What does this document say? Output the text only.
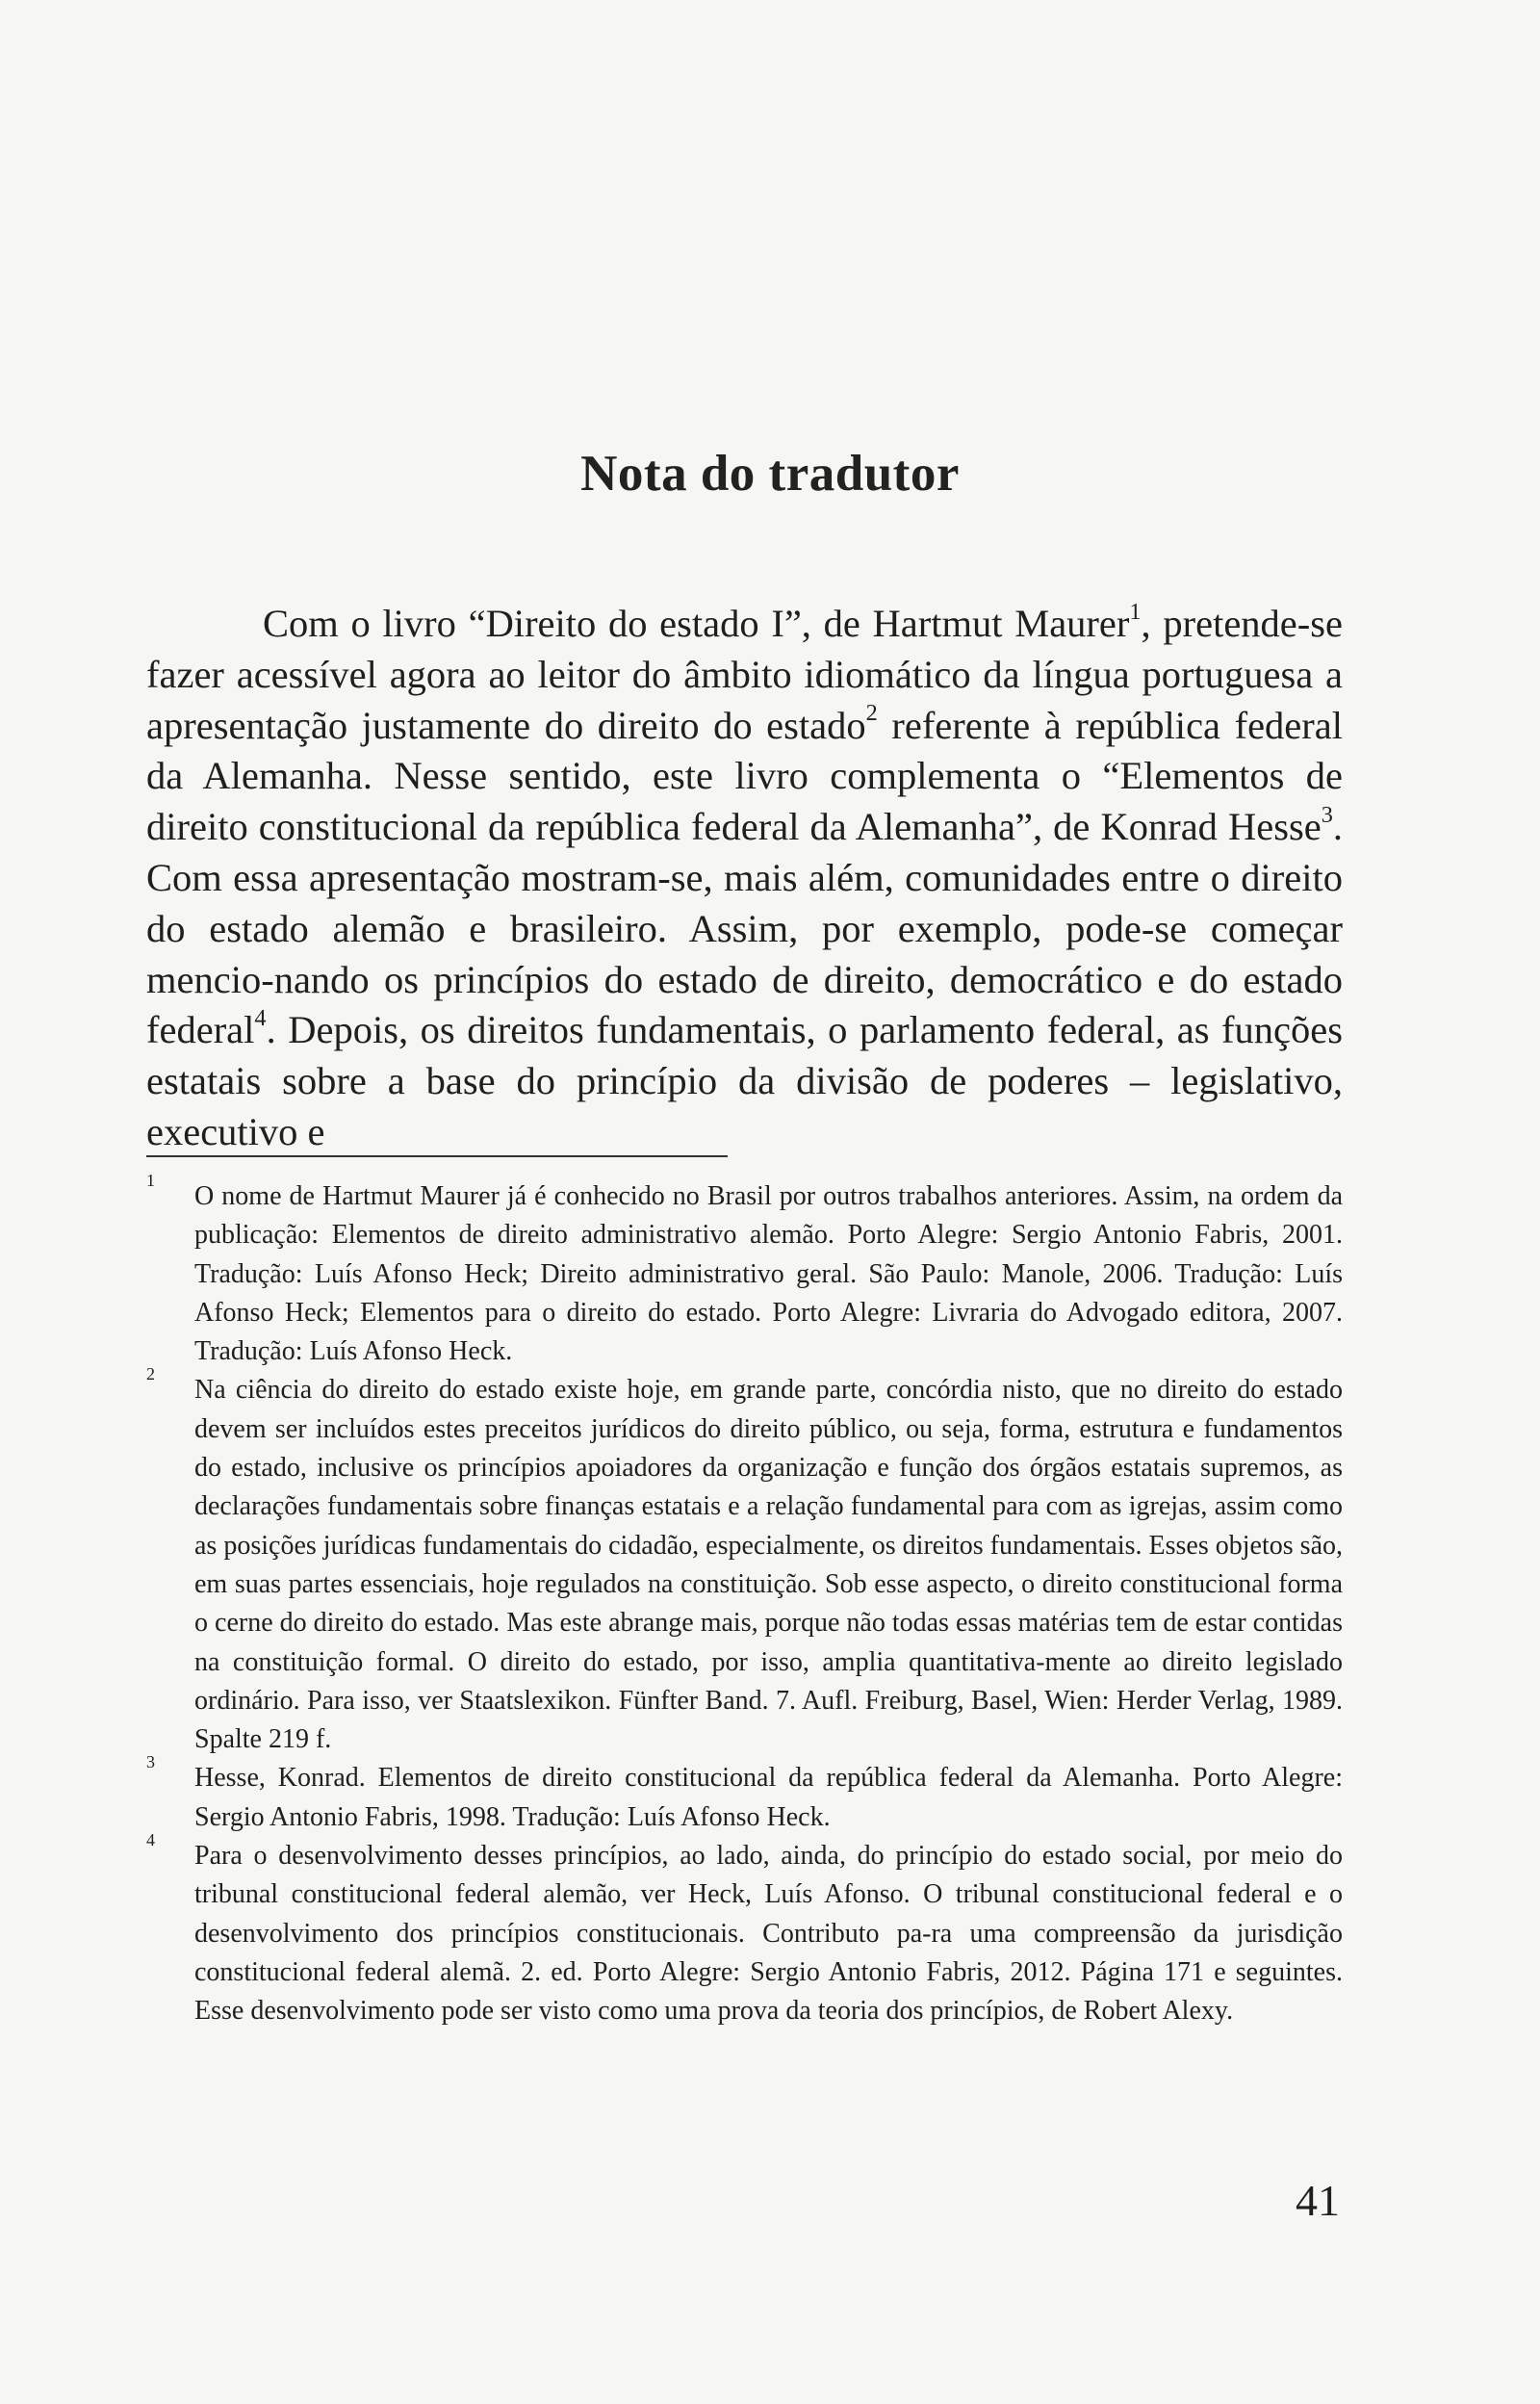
Nota do tradutor

Com o livro “Direito do estado I”, de Hartmut Maurer$^1$, pretende-se fazer acessível agora ao leitor do âmbito idiomático da língua portuguesa a apresentação justamente do direito do estado$^2$ referente à república federal da Alemanha. Nesse sentido, este livro complementa o “Elementos de direito constitucional da república federal da Alemanha”, de Konrad Hesse$^3$. Com essa apresentação mostram-se, mais além, comunidades entre o direito do estado alemão e brasileiro. Assim, por exemplo, pode-se começar mencio-nando os princípios do estado de direito, democrático e do estado federal$^4$. Depois, os direitos fundamentais, o parlamento federal, as funções estatais sobre a base do princípio da divisão de poderes – legislativo, executivo e

1
O nome de Hartmut Maurer já é conhecido no Brasil por outros trabalhos anteriores. Assim, na ordem da publicação: Elementos de direito administrativo alemão. Porto Alegre: Sergio Antonio Fabris, 2001. Tradução: Luís Afonso Heck; Direito administrativo geral. São Paulo: Manole, 2006. Tradução: Luís Afonso Heck; Elementos para o direito do estado. Porto Alegre: Livraria do Advogado editora, 2007. Tradução: Luís Afonso Heck.
2
Na ciência do direito do estado existe hoje, em grande parte, concórdia nisto, que no direito do estado devem ser incluídos estes preceitos jurídicos do direito público, ou seja, forma, estrutura e fundamentos do estado, inclusive os princípios apoiadores da organização e função dos órgãos estatais supremos, as declarações fundamentais sobre finanças estatais e a relação fundamental para com as igrejas, assim como as posições jurídicas fundamentais do cidadão, especialmente, os direitos fundamentais. Esses objetos são, em suas partes essenciais, hoje regulados na constituição. Sob esse aspecto, o direito constitucional forma o cerne do direito do estado. Mas este abrange mais, porque não todas essas matérias tem de estar contidas na constituição formal. O direito do estado, por isso, amplia quantitativa-mente ao direito legislado ordinário. Para isso, ver Staatslexikon. Fünfter Band. 7. Aufl. Freiburg, Basel, Wien: Herder Verlag, 1989. Spalte 219 f.
3
Hesse, Konrad. Elementos de direito constitucional da república federal da Alemanha. Porto Alegre: Sergio Antonio Fabris, 1998. Tradução: Luís Afonso Heck.
4
Para o desenvolvimento desses princípios, ao lado, ainda, do princípio do estado social, por meio do tribunal constitucional federal alemão, ver Heck, Luís Afonso. O tribunal constitucional federal e o desenvolvimento dos princípios constitucionais. Contributo pa-ra uma compreensão da jurisdição constitucional federal alemã. 2. ed. Porto Alegre: Sergio Antonio Fabris, 2012. Página 171 e seguintes. Esse desenvolvimento pode ser visto como uma prova da teoria dos princípios, de Robert Alexy.
41
